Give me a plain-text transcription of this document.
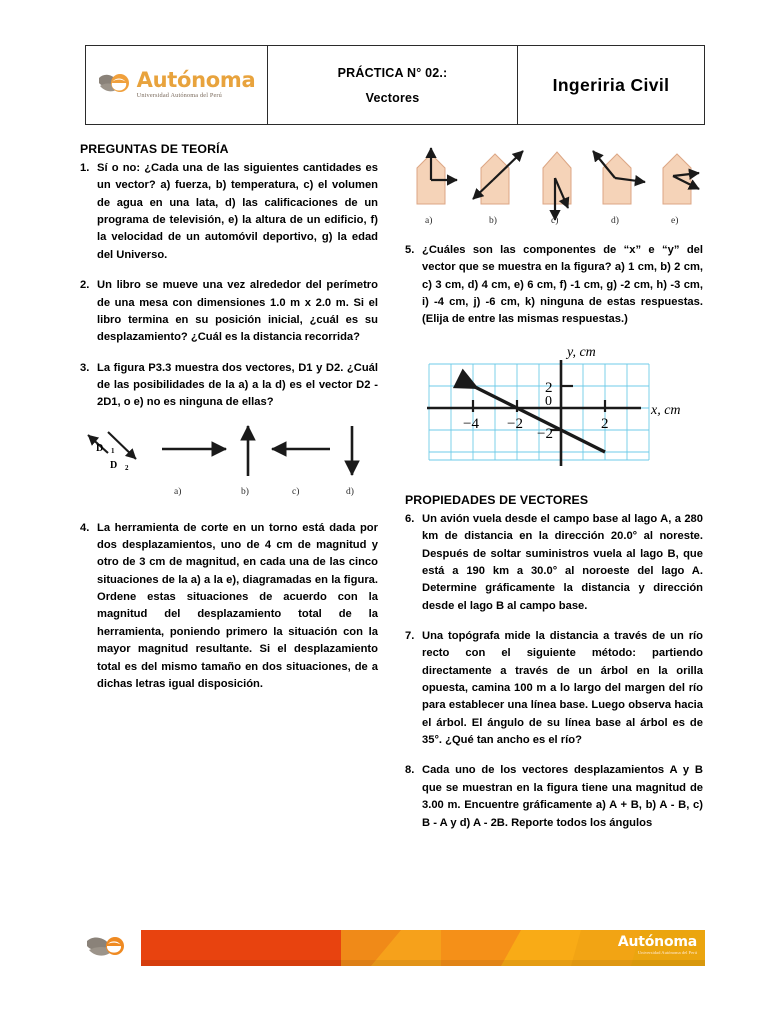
Autónoma
Universidad Autónoma del Perú
PRÁCTICA N° 02.:
Vectores
Ingeriria Civil
PREGUNTAS DE TEORÍA
1. Sí o no: ¿Cada una de las siguientes cantidades es un vector? a) fuerza, b) temperatura, c) el volumen de agua en una lata, d) las calificaciones de un programa de televisión, e) la altura de un edificio, f) la velocidad de un automóvil deportivo, g) la edad del Universo.
2. Un libro se mueve una vez alrededor del perímetro de una mesa con dimensiones 1.0 m x 2.0 m. Si el libro termina en su posición inicial, ¿cuál es su desplazamiento? ¿Cuál es la distancia recorrida?
3. La figura P3.3 muestra dos vectores, D1 y D2. ¿Cuál de las posibilidades de la a) a la d) es el vector D2 - 2D1, o e) no es ninguna de ellas?
$D⃗_1$
$D⃗_2$
a)	b)	c)	d)
4. La herramienta de corte en un torno está dada por dos desplazamientos, uno de 4 cm de magnitud y otro de 3 cm de magnitud, en cada una de las cinco situaciones de la a) a la e), diagramadas en la figura. Ordene estas situaciones de acuerdo con la magnitud del desplazamiento total de la herramienta, poniendo primero la situación con la mayor magnitud resultante. Si el desplazamiento total es del mismo tamaño en dos situaciones, de a dichas letras igual disposición.
a)	b)	c)	d)	e)
5. ¿Cuáles son las componentes de “x” e “y” del vector que se muestra en la figura? a) 1 cm, b) 2 cm, c) 3 cm, d) 4 cm, e) 6 cm, f) -1 cm, g) -2 cm, h) -3 cm, i) -4 cm, j) -6 cm, k) ninguna de estas respuestas. (Elija de entre las mismas respuestas.)
−4 −2	2
2
−2
0
x, cm
y, cm
PROPIEDADES DE VECTORES
6. Un avión vuela desde el campo base al lago A, a 280 km de distancia en la dirección 20.0° al noreste. Después de soltar suministros vuela al lago B, que está a 190 km a 30.0° al noroeste del lago A. Determine gráficamente la distancia y dirección desde el lago B al campo base.
7. Una topógrafa mide la distancia a través de un río recto con el siguiente método: partiendo directamente a través de un árbol en la orilla opuesta, camina 100 m a lo largo del margen del río para establecer una línea base. Luego observa hacia el árbol. El ángulo de su línea base al árbol es de 35°. ¿Qué tan ancho es el río?
8. Cada uno de los vectores desplazamientos A y B que se muestran en la figura tiene una magnitud de 3.00 m. Encuentre gráficamente a) A + B, b) A - B, c) B - A y d) A - 2B. Reporte todos los ángulos
Autónoma
Universidad Autónoma del Perú
